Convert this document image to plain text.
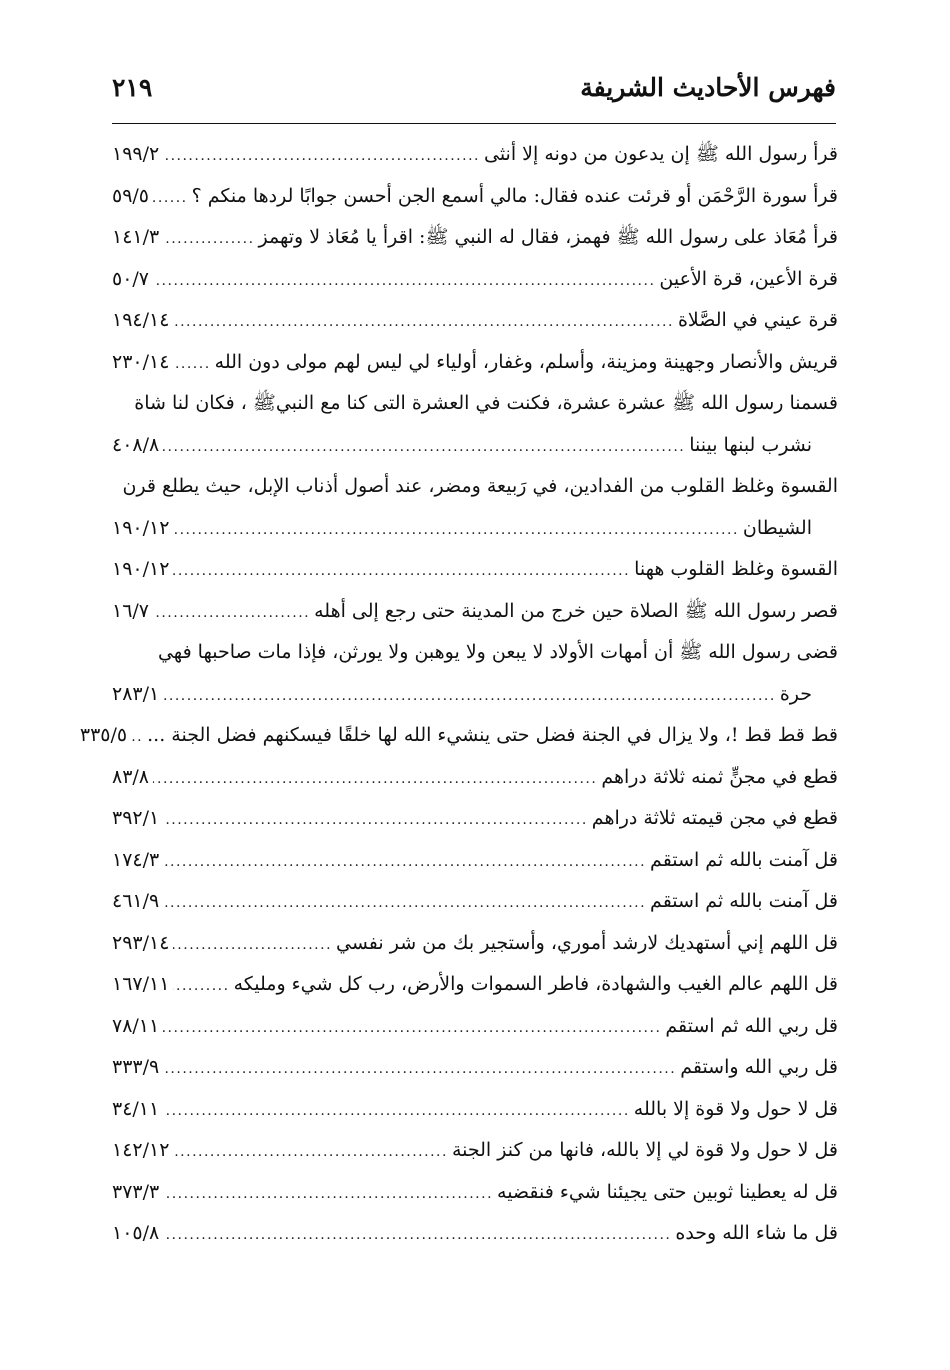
فهرس الأحاديث الشريفة
٢١٩
قرأ رسول الله ﷺ إن يدعون من دونه إلا أنثى
.....
١٩٩/٢
قرأ سورة الرَّحْمَن أو قرئت عنده فقال: مالي أسمع الجن أحسن جوابًا لردها منكم ؟
.....
٥٩/٥
قرأ مُعَاذ على رسول الله ﷺ فهمز، فقال له النبي ﷺ: اقرأ يا مُعَاذ لا وتهمز
.....
١٤١/٣
قرة الأعين، قرة الأعين
.....
٥٠/٧
قرة عيني في الصَّلاة
.....
١٩٤/١٤
قريش والأنصار وجهينة ومزينة، وأسلم، وغفار، أولياء لي ليس لهم مولى دون الله
.....
٢٣٠/١٤
قسمنا رسول الله ﷺ عشرة عشرة، فكنت في العشرة التى كنا مع النبيﷺ ، فكان لنا شاة
نشرب لبنها بيننا
.....
٤٠٨/٨
القسوة وغلظ القلوب من الفدادين، في رَبيعة ومضر، عند أصول أذناب الإبل، حيث يطلع قرن
الشيطان
.....
١٩٠/١٢
القسوة وغلظ القلوب ههنا
.....
١٩٠/١٢
قصر رسول الله ﷺ الصلاة حين خرج من المدينة حتى رجع إلى أهله
.....
١٦/٧
قضى رسول الله ﷺ أن أمهات الأولاد لا يبعن ولا يوهبن ولا يورثن، فإذا مات صاحبها فهي
حرة
.....
٢٨٣/١
قط قط قط !، ولا يزال في الجنة فضل حتى ينشيء الله لها خلقًا فيسكنهم فضل الجنة ...
.....
٣٣٥/٥
قطع في مجنٍّ ثمنه ثلاثة دراهم
.....
٨٣/٨
قطع في مجن قيمته ثلاثة دراهم
.....
٣٩٢/١
قل آمنت بالله ثم استقم
.....
١٧٤/٣
قل آمنت بالله ثم استقم
.....
٤٦١/٩
قل اللهم إني أستهديك لارشد أموري، وأستجير بك من شر نفسي
.....
٢٩٣/١٤
قل اللهم عالم الغيب والشهادة، فاطر السموات والأرض، رب كل شيء ومليكه
.....
١٦٧/١١
قل ربي الله ثم استقم
.....
٧٨/١١
قل ربي الله واستقم
.....
٣٣٣/٩
قل لا حول ولا قوة إلا بالله
.....
٣٤/١١
قل لا حول ولا قوة لي إلا بالله، فانها من كنز الجنة
.....
١٤٢/١٢
قل له يعطينا ثوبين حتى يجيئنا شيء فنقضيه
.....
٣٧٣/٣
قل ما شاء الله وحده
.....
١٠٥/٨
